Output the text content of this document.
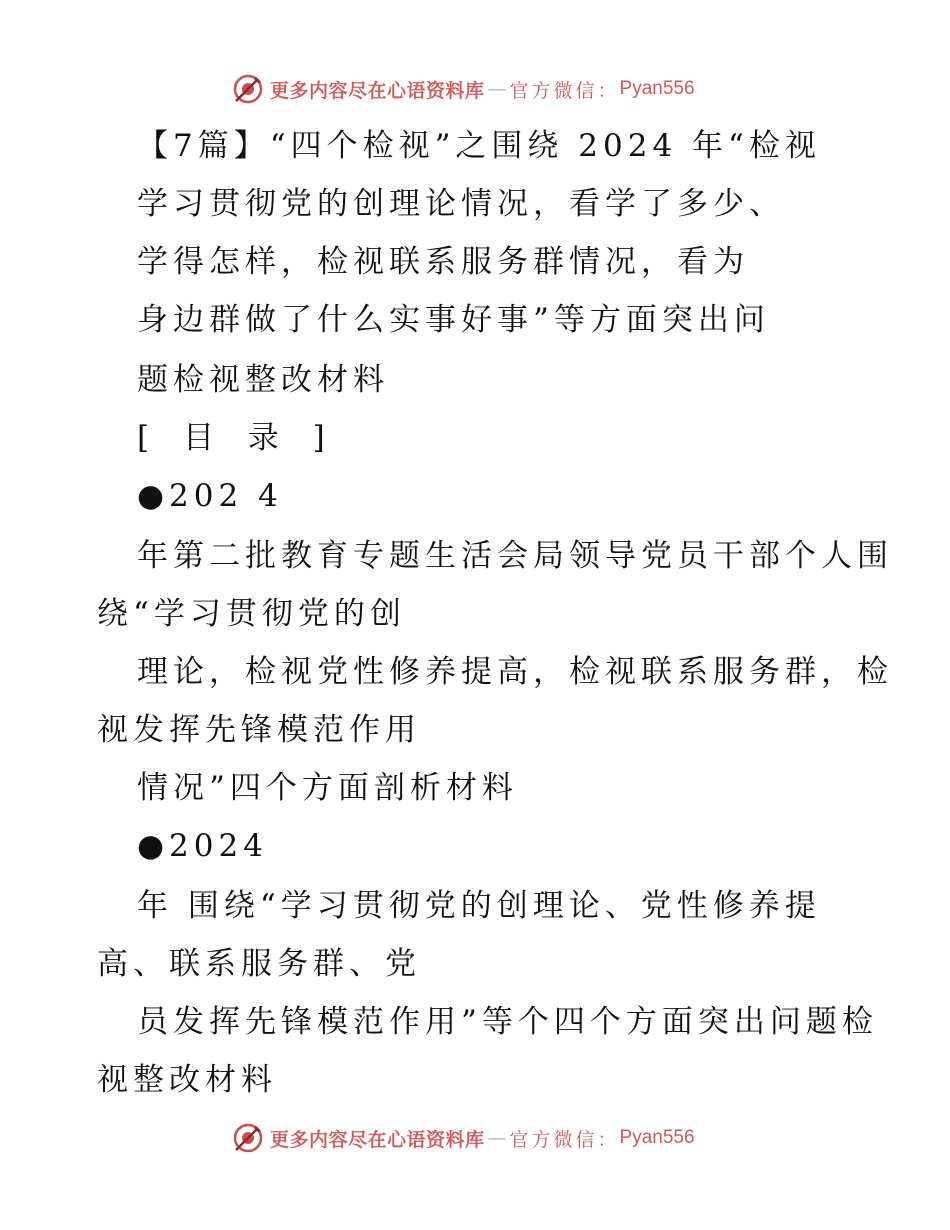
更多内容尽在心语资料库 — 官方微信： Pyan556
【7篇】“四个检视”之围绕 2024 年“检视
学习贯彻党的创理论情况，看学了多少、
学得怎样，检视联系服务群情况，看为
身边群做了什么实事好事”等方面突出问
题检视整改材料
[ 目 录 ]
●202 4
年第二批教育专题生活会局领导党员干部个人围
绕“学习贯彻党的创
理论，检视党性修养提高，检视联系服务群，检
视发挥先锋模范作用
情况”四个方面剖析材料
●2024
年 围绕“学习贯彻党的创理论、党性修养提
高、联系服务群、党
员发挥先锋模范作用”等个四个方面突出问题检
视整改材料
更多内容尽在心语资料库 — 官方微信： Pyan556
